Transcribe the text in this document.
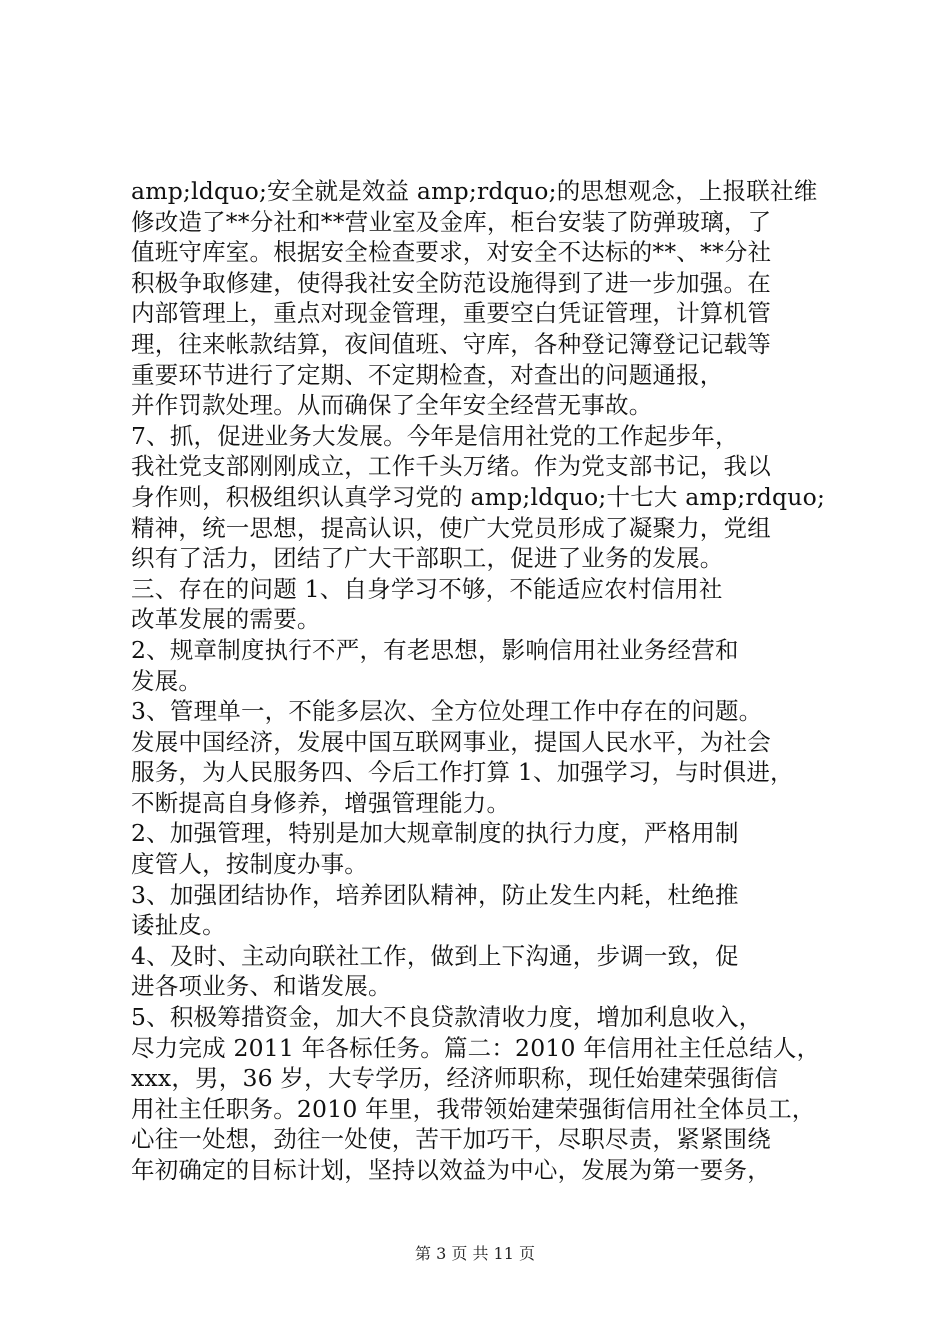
amp;ldquo;安全就是效益 amp;rdquo;的思想观念，上报联社维
修改造了**分社和**营业室及金库，柜台安装了防弹玻璃，了
值班守库室。根据安全检查要求，对安全不达标的**、**分社
积极争取修建，使得我社安全防范设施得到了进一步加强。在
内部管理上，重点对现金管理，重要空白凭证管理，计算机管
理，往来帐款结算，夜间值班、守库，各种登记簿登记记载等
重要环节进行了定期、不定期检查，对查出的问题通报，
并作罚款处理。从而确保了全年安全经营无事故。
7、抓，促进业务大发展。今年是信用社党的工作起步年，
我社党支部刚刚成立，工作千头万绪。作为党支部书记，我以
身作则，积极组织认真学习党的 amp;ldquo;十七大 amp;rdquo;
精神，统一思想，提高认识，使广大党员形成了凝聚力，党组
织有了活力，团结了广大干部职工，促进了业务的发展。
三、存在的问题 1、自身学习不够，不能适应农村信用社
改革发展的需要。
2、规章制度执行不严，有老思想，影响信用社业务经营和
发展。
3、管理单一，不能多层次、全方位处理工作中存在的问题。
发展中国经济，发展中国互联网事业，提国人民水平，为社会
服务，为人民服务四、今后工作打算 1、加强学习，与时俱进，
不断提高自身修养，增强管理能力。
2、加强管理，特别是加大规章制度的执行力度，严格用制
度管人，按制度办事。
3、加强团结协作，培养团队精神，防止发生内耗，杜绝推
诿扯皮。
4、及时、主动向联社工作，做到上下沟通，步调一致，促
进各项业务、和谐发展。
5、积极筹措资金，加大不良贷款清收力度，增加利息收入，
尽力完成 2011 年各标任务。篇二：2010 年信用社主任总结人，
xxx，男，36 岁，大专学历，经济师职称，现任始建荣强街信
用社主任职务。2010 年里，我带领始建荣强街信用社全体员工，
心往一处想，劲往一处使，苦干加巧干，尽职尽责，紧紧围绕
年初确定的目标计划，坚持以效益为中心，发展为第一要务，
第 3 页 共 11 页
